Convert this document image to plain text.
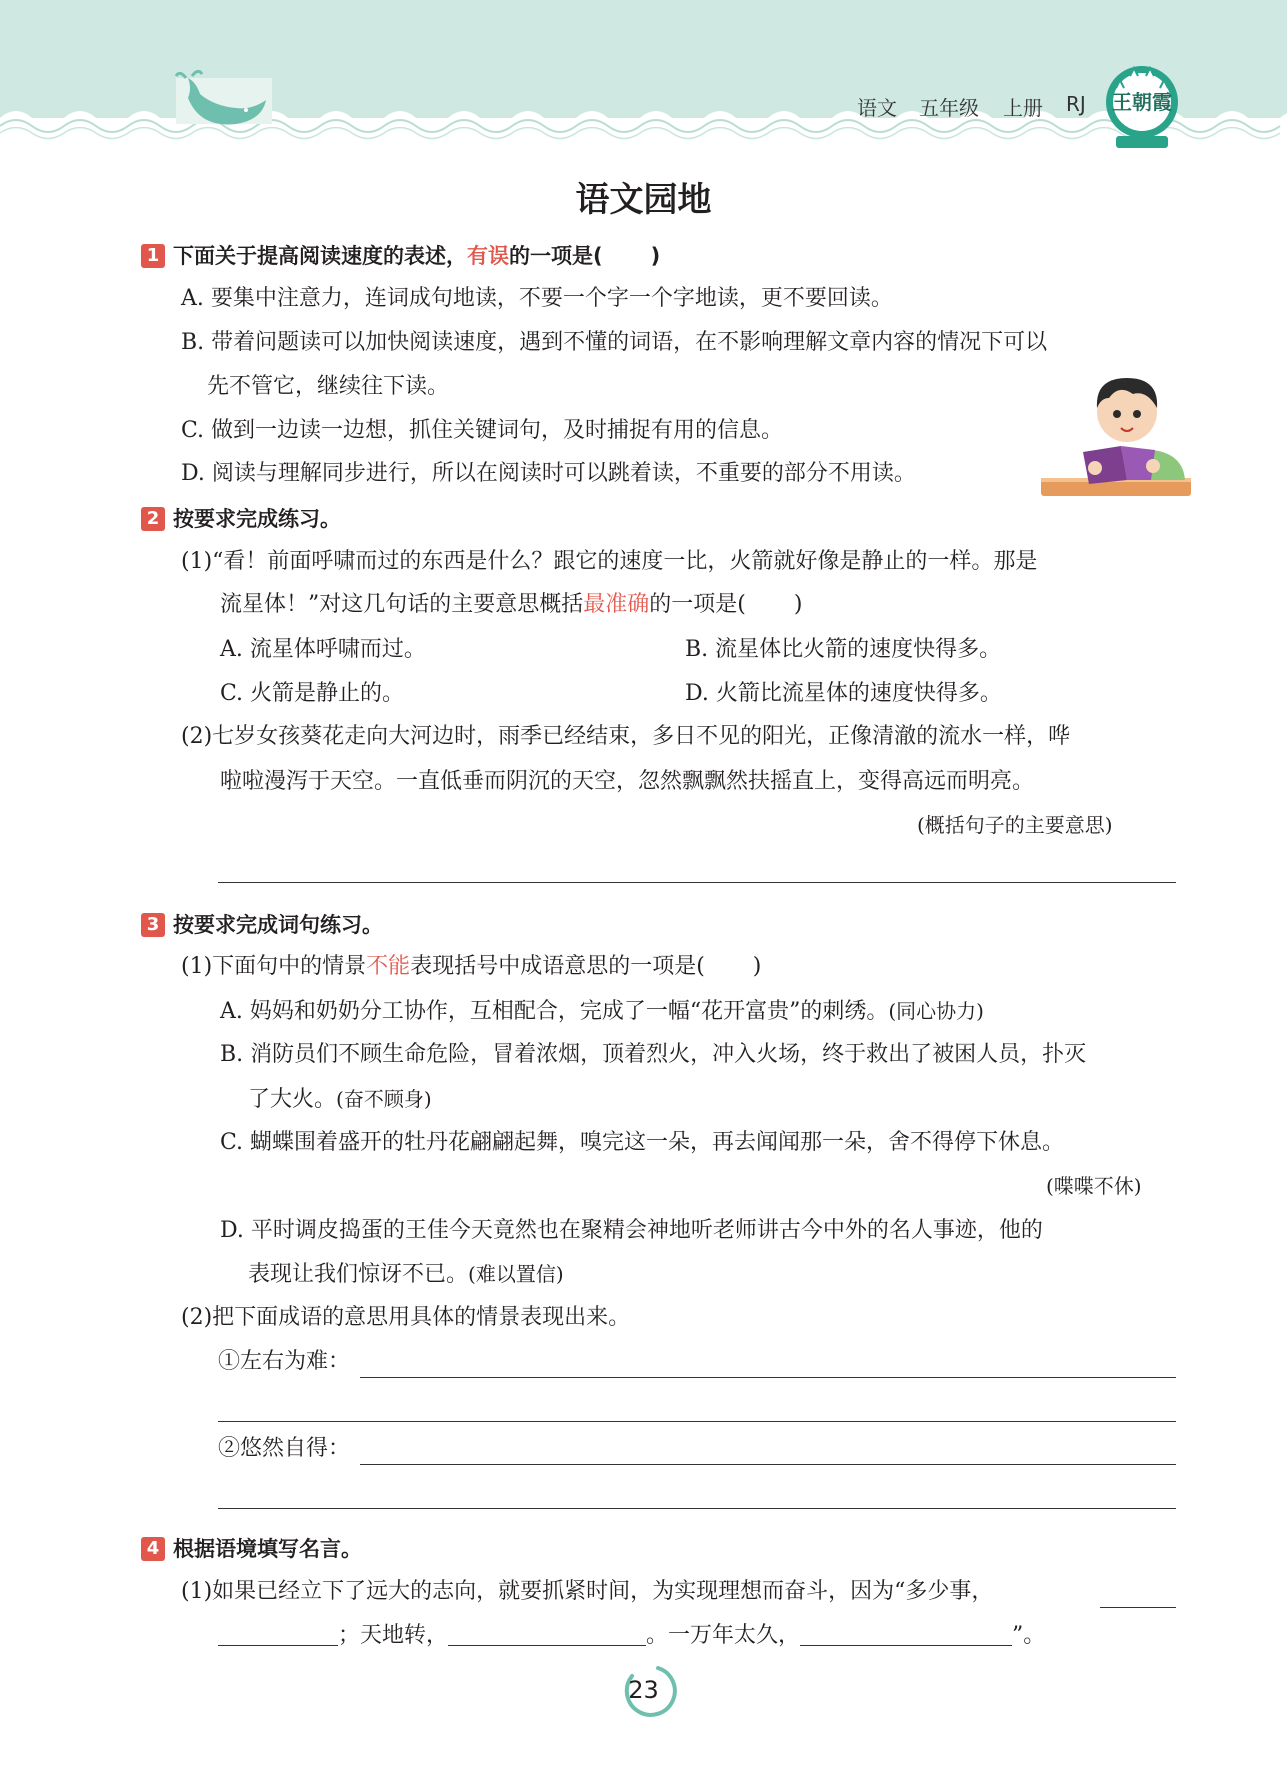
语文 五年级 上册 RJ 王朝霞
语文园地
1 下面关于提高阅读速度的表述，有误的一项是( )
A. 要集中注意力，连词成句地读，不要一个字一个字地读，更不要回读。
B. 带着问题读可以加快阅读速度，遇到不懂的词语，在不影响理解文章内容的情况下可以
先不管它，继续往下读。
C. 做到一边读一边想，抓住关键词句，及时捕捉有用的信息。
D. 阅读与理解同步进行，所以在阅读时可以跳着读，不重要的部分不用读。
2 按要求完成练习。
(1)“看！前面呼啸而过的东西是什么？跟它的速度一比，火箭就好像是静止的一样。那是
流星体！”对这几句话的主要意思概括最准确的一项是( )
A. 流星体呼啸而过。	B. 流星体比火箭的速度快得多。
C. 火箭是静止的。	D. 火箭比流星体的速度快得多。
(2)七岁女孩葵花走向大河边时，雨季已经结束，多日不见的阳光，正像清澈的流水一样，哗
啦啦漫泻于天空。一直低垂而阴沉的天空，忽然飘飘然扶摇直上，变得高远而明亮。
(概括句子的主要意思)
3 按要求完成词句练习。
(1)下面句中的情景不能表现括号中成语意思的一项是( )
A. 妈妈和奶奶分工协作，互相配合，完成了一幅“花开富贵”的刺绣。(同心协力)
B. 消防员们不顾生命危险，冒着浓烟，顶着烈火，冲入火场，终于救出了被困人员，扑灭
了大火。(奋不顾身)
C. 蝴蝶围着盛开的牡丹花翩翩起舞，嗅完这一朵，再去闻闻那一朵，舍不得停下休息。
(喋喋不休)
D. 平时调皮捣蛋的王佳今天竟然也在聚精会神地听老师讲古今中外的名人事迹，他的
表现让我们惊讶不已。(难以置信)
(2)把下面成语的意思用具体的情景表现出来。
①左右为难：
②悠然自得：
4 根据语境填写名言。
(1)如果已经立下了远大的志向，就要抓紧时间，为实现理想而奋斗，因为“多少事，
；天地转，	。一万年太久，	”。
23
